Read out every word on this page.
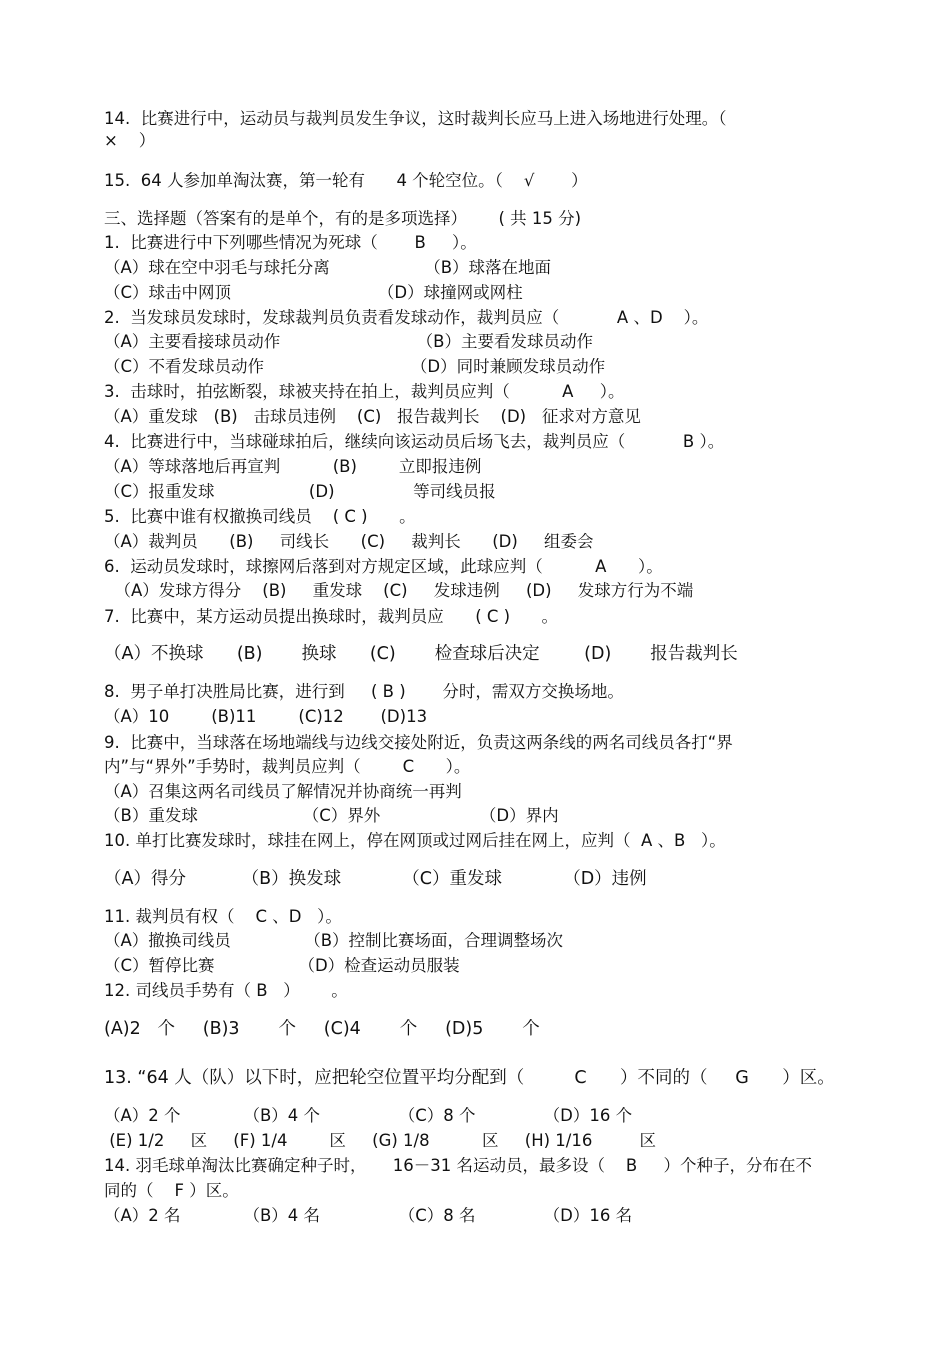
14.  比赛进行中，运动员与裁判员发生争议，这时裁判长应马上进入场地进行处理。（
×    ）
15.  64 人参加单淘汰赛，第一轮有      4 个轮空位。（    √       ）
三、选择题（答案有的是单个，有的是多项选择）      ( 共 15 分)
1.  比赛进行中下列哪些情况为死球（       B     ）。
（A）球在空中羽毛与球托分离                  （B）球落在地面
（C）球击中网顶                            （D）球撞网或网柱
2.  当发球员发球时，发球裁判员负责看发球动作，裁判员应（           A 、D    ）。
（A）主要看接球员动作                          （B）主要看发球员动作
（C）不看发球员动作                            （D）同时兼顾发球员动作
3.  击球时，拍弦断裂，球被夹持在拍上，裁判员应判（          A     ）。
（A）重发球   (B)   击球员违例    (C)   报告裁判长    (D)   征求对方意见
4.  比赛进行中，当球碰球拍后，继续向该运动员后场飞去，裁判员应（           B ）。
（A）等球落地后再宣判          (B)        立即报违例
（C）报重发球                  (D)               等司线员报
5.  比赛中谁有权撤换司线员    ( C )      。
（A）裁判员      (B)     司线长      (C)     裁判长      (D)     组委会
6.  运动员发球时，球擦网后落到对方规定区域，此球应判（          A      ）。
（A）发球方得分    (B)     重发球    (C)     发球违例     (D)     发球方行为不端
7.  比赛中，某方运动员提出换球时，裁判员应      ( C )      。
（A）不换球      (B)       换球      (C)       检查球后决定        (D)       报告裁判长
8.  男子单打决胜局比赛，进行到     ( B )       分时，需双方交换场地。
（A）10        (B)11        (C)12       (D)13
9.  比赛中，当球落在场地端线与边线交接处附近，负责这两条线的两名司线员各打“界
内”与“界外”手势时，裁判员应判（        C      ）。
（A）召集这两名司线员了解情况并协商统一再判
（B）重发球                    （C）界外                   （D）界内
10. 单打比赛发球时，球挂在网上，停在网顶或过网后挂在网上，应判（  A 、B   ）。
（A）得分          （B）换发球           （C）重发球           （D）违例
11. 裁判员有权（    C 、D   ）。
（A）撤换司线员              （B）控制比赛场面，合理调整场次
（C）暂停比赛                （D）检查运动员服装
12. 司线员手势有（ B   ）      。
(A)2   个     (B)3       个     (C)4       个     (D)5       个
13. “64 人（队）以下时，应把轮空位置平均分配到（         C      ）不同的（     G      ）区。
（A）2 个            （B）4 个               （C）8 个             （D）16 个
(E) 1/2     区     (F) 1/4        区     (G) 1/8          区     (H) 1/16         区
14. 羽毛球单淘汰比赛确定种子时，     16－31 名运动员，最多设（    B     ）个种子，分布在不
同的（    F ）区。
（A）2 名            （B）4 名               （C）8 名             （D）16 名
